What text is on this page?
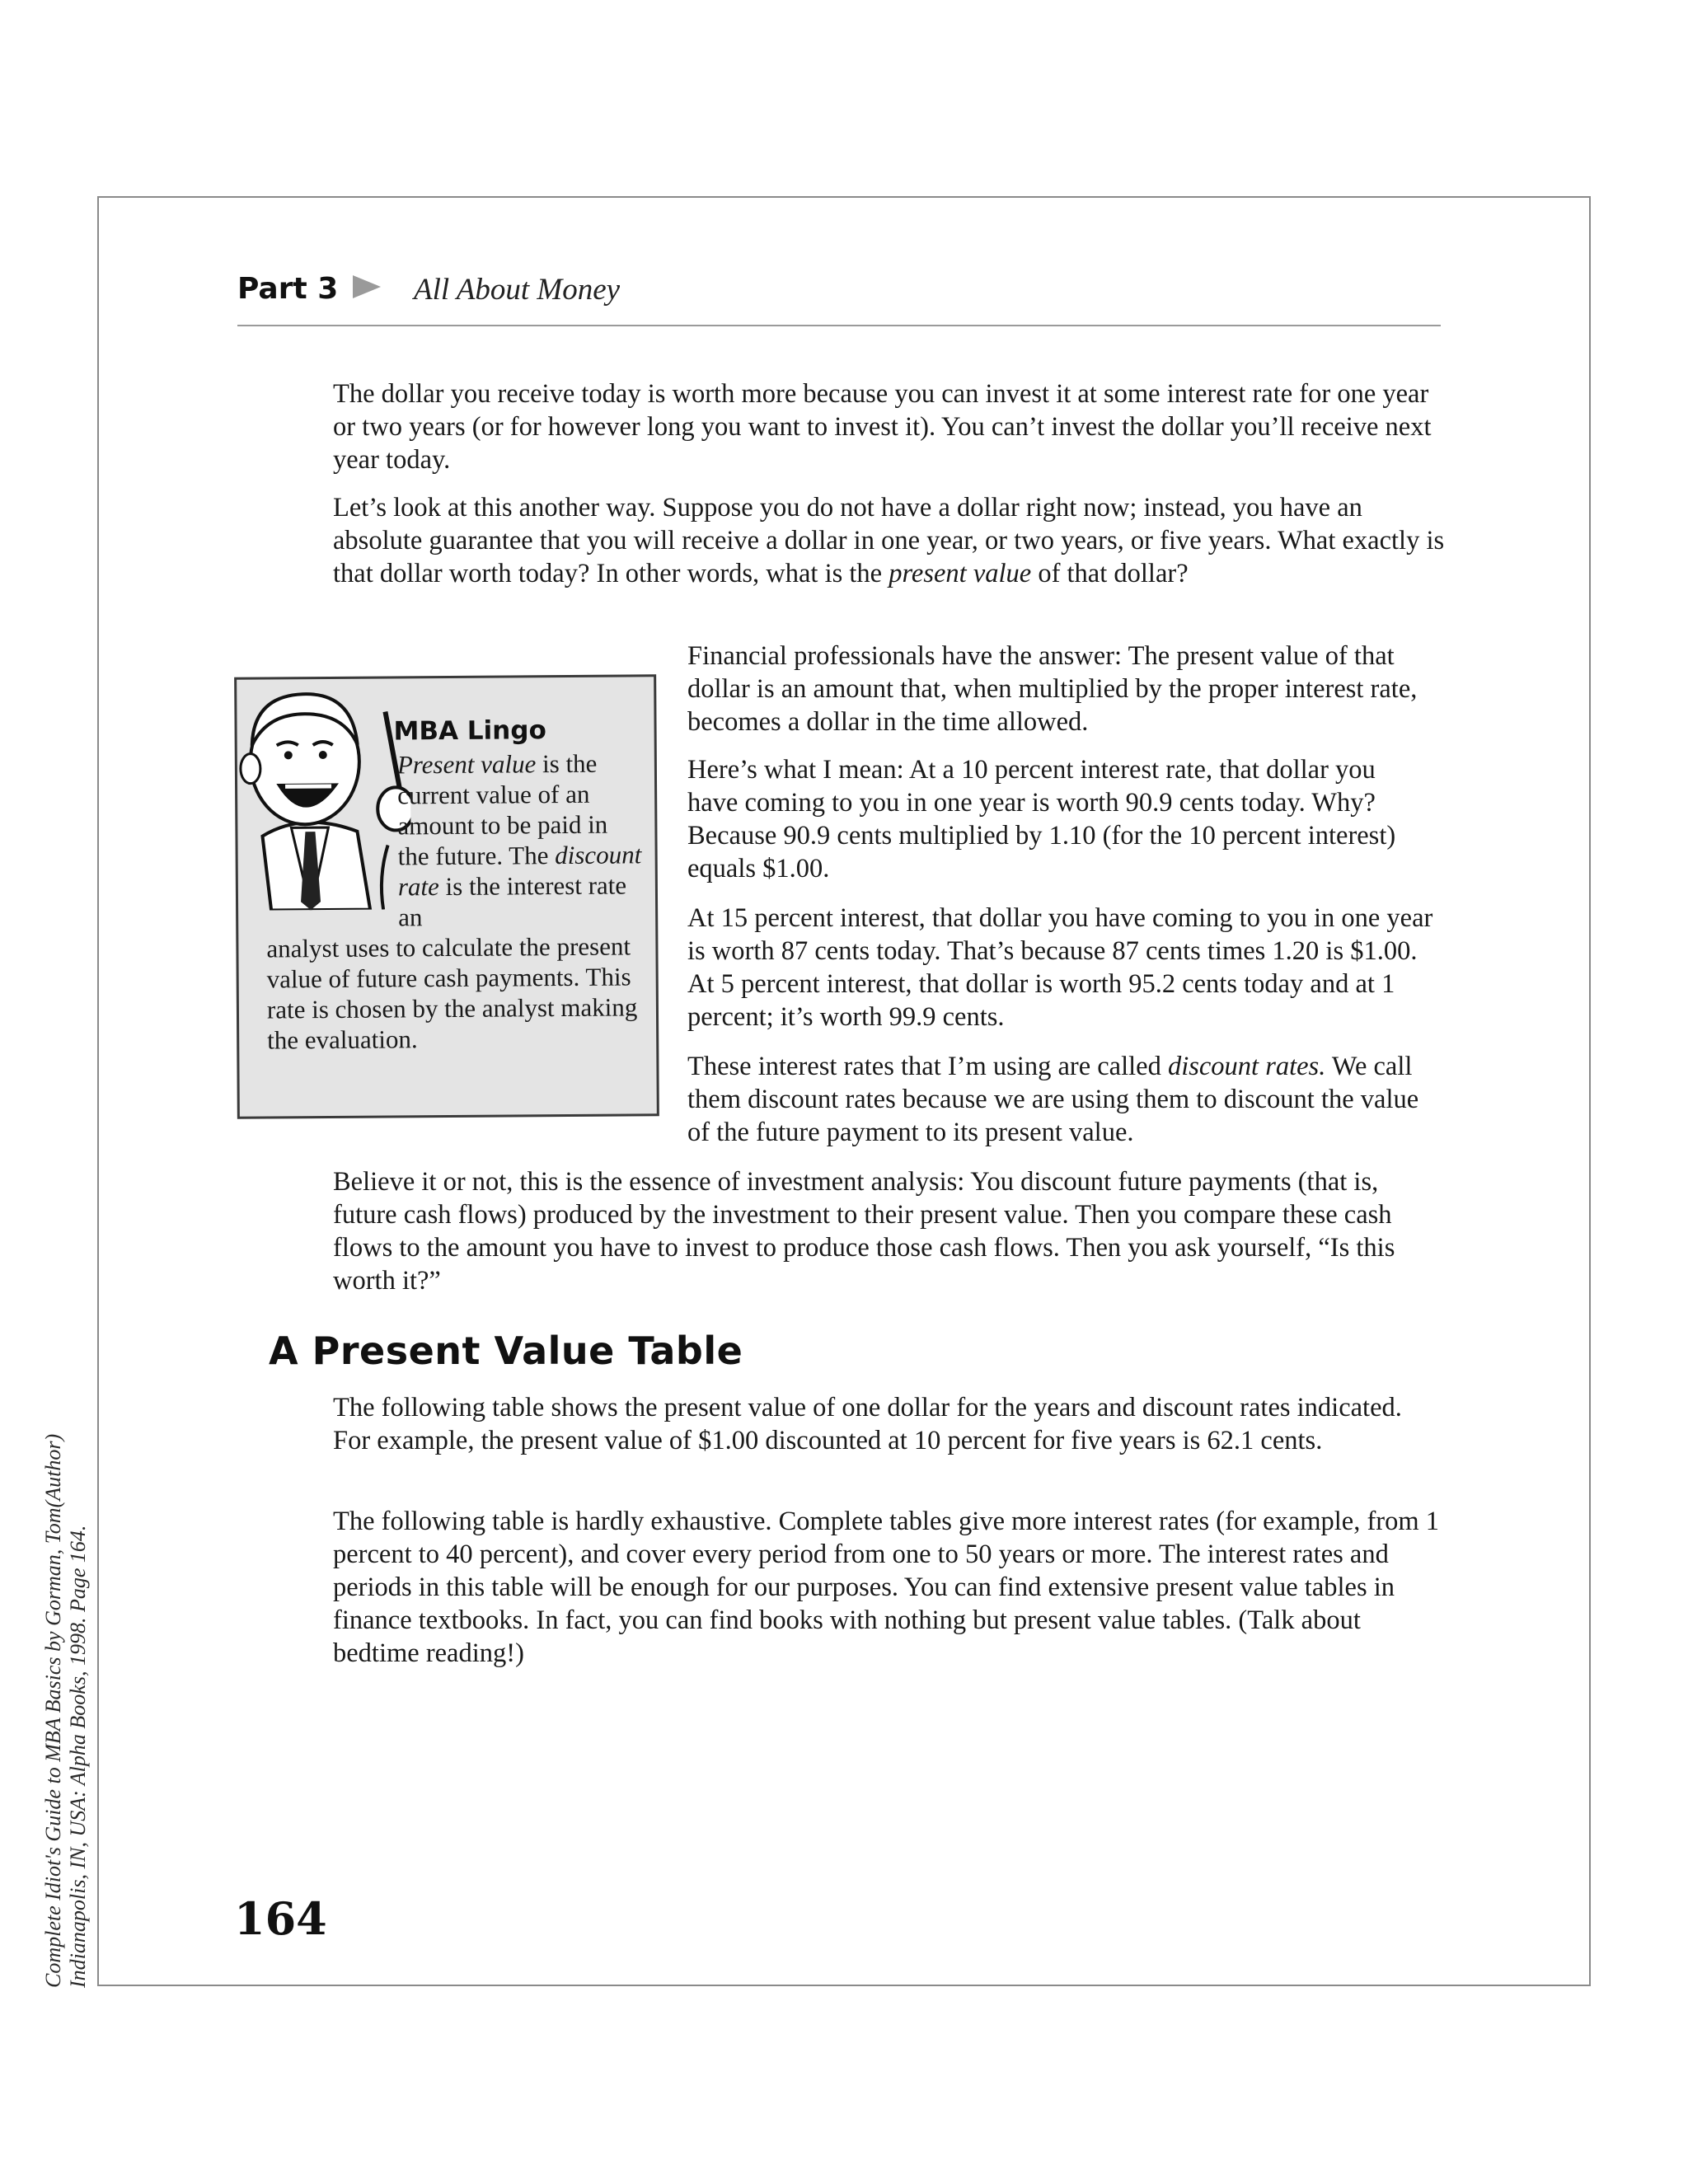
Complete Idiot's Guide to MBA Basics by Gorman, Tom(Author) Indianapolis, IN, USA: Alpha Books, 1998. Page 164.
Part 3 All About Money

The dollar you receive today is worth more because you can invest it at some interest rate for one year or two years (or for however long you want to invest it). You can’t invest the dollar you’ll receive next year today.

Let’s look at this another way. Suppose you do not have a dollar right now; instead, you have an absolute guarantee that you will receive a dollar in one year, or two years, or five years. What exactly is that dollar worth today? In other words, what is the present value of that dollar?

Financial professionals have the answer: The present value of that dollar is an amount that, when multiplied by the proper interest rate, becomes a dollar in the time allowed.

Here’s what I mean: At a 10 percent interest rate, that dollar you have coming to you in one year is worth 90.9 cents today. Why? Because 90.9 cents multiplied by 1.10 (for the 10 percent interest) equals $1.00.

At 15 percent interest, that dollar you have coming to you in one year is worth 87 cents today. That’s because 87 cents times 1.20 is $1.00. At 5 percent interest, that dollar is worth 95.2 cents today and at 1 percent; it’s worth 99.9 cents.

These interest rates that I’m using are called discount rates. We call them discount rates because we are using them to discount the value of the future payment to its present value.

MBA Lingo
Present value is the current value of an amount to be paid in the future. The discount rate is the interest rate an
analyst uses to calculate the present value of future cash payments. This rate is chosen by the analyst making the evaluation.

Believe it or not, this is the essence of investment analysis: You discount future payments (that is, future cash flows) produced by the investment to their present value. Then you compare these cash flows to the amount you have to invest to produce those cash flows. Then you ask yourself, “Is this worth it?”

A Present Value Table

The following table shows the present value of one dollar for the years and discount rates indicated. For example, the present value of $1.00 discounted at 10 percent for five years is 62.1 cents.

The following table is hardly exhaustive. Complete tables give more interest rates (for example, from 1 percent to 40 percent), and cover every period from one to 50 years or more. The interest rates and periods in this table will be enough for our purposes. You can find extensive present value tables in finance textbooks. In fact, you can find books with nothing but present value tables. (Talk about bedtime reading!)

164
